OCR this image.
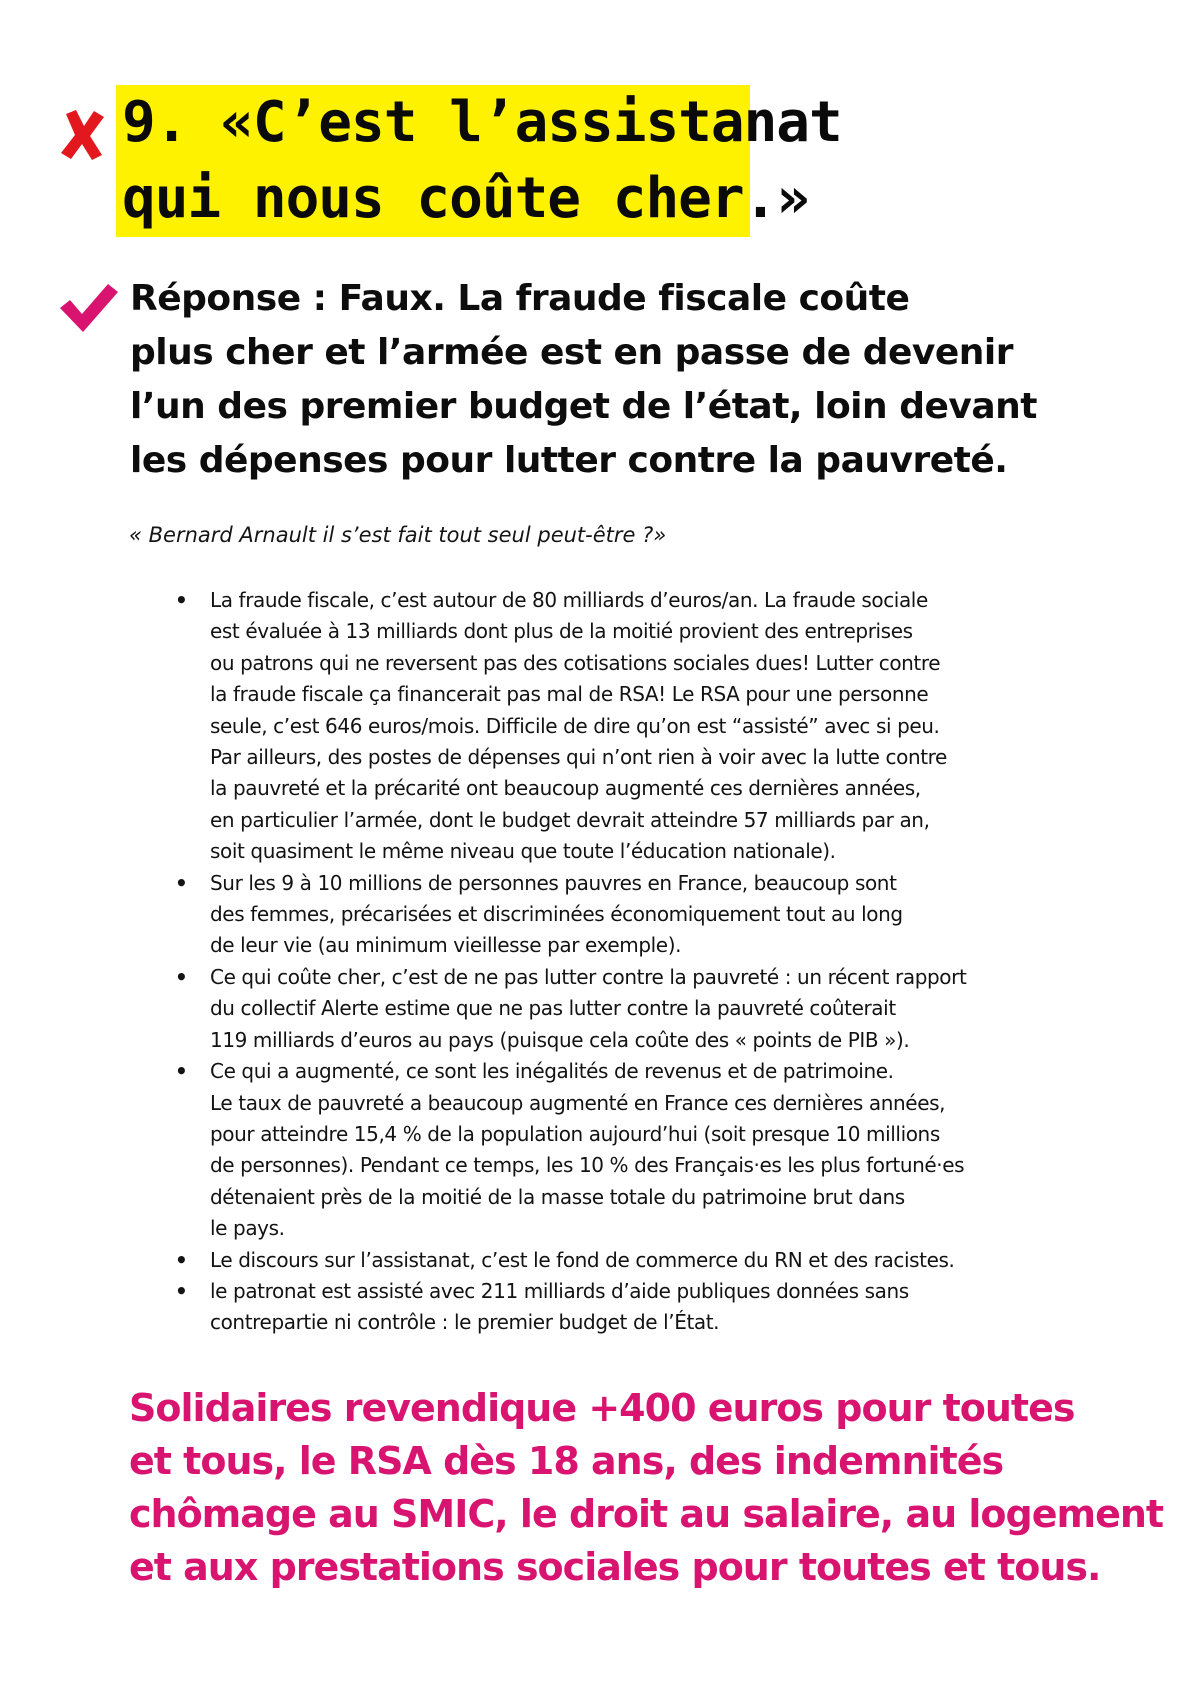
9. «C’est l’assistanat
qui nous coûte cher.»
Réponse : Faux. La fraude fiscale coûte
plus cher et l’armée est en passe de devenir
l’un des premier budget de l’état, loin devant
les dépenses pour lutter contre la pauvreté.

« Bernard Arnault il s’est fait tout seul peut-être ?»

• La fraude fiscale, c’est autour de 80 milliards d’euros/an. La fraude sociale
est évaluée à 13 milliards dont plus de la moitié provient des entreprises
ou patrons qui ne reversent pas des cotisations sociales dues! Lutter contre
la fraude fiscale ça financerait pas mal de RSA! Le RSA pour une personne
seule, c’est 646 euros/mois. Difficile de dire qu’on est “assisté” avec si peu.
Par ailleurs, des postes de dépenses qui n’ont rien à voir avec la lutte contre
la pauvreté et la précarité ont beaucoup augmenté ces dernières années,
en particulier l’armée, dont le budget devrait atteindre 57 milliards par an,
soit quasiment le même niveau que toute l’éducation nationale).
• Sur les 9 à 10 millions de personnes pauvres en France, beaucoup sont
des femmes, précarisées et discriminées économiquement tout au long
de leur vie (au minimum vieillesse par exemple).
• Ce qui coûte cher, c’est de ne pas lutter contre la pauvreté : un récent rapport
du collectif Alerte estime que ne pas lutter contre la pauvreté coûterait
119 milliards d’euros au pays (puisque cela coûte des « points de PIB »).
• Ce qui a augmenté, ce sont les inégalités de revenus et de patrimoine.
Le taux de pauvreté a beaucoup augmenté en France ces dernières années,
pour atteindre 15,4 % de la population aujourd’hui (soit presque 10 millions
de personnes). Pendant ce temps, les 10 % des Français·es les plus fortuné·es
détenaient près de la moitié de la masse totale du patrimoine brut dans
le pays.
• Le discours sur l’assistanat, c’est le fond de commerce du RN et des racistes.
• le patronat est assisté avec 211 milliards d’aide publiques données sans
contrepartie ni contrôle : le premier budget de l’État.

Solidaires revendique +400 euros pour toutes
et tous, le RSA dès 18 ans, des indemnités
chômage au SMIC, le droit au salaire, au logement
et aux prestations sociales pour toutes et tous.
